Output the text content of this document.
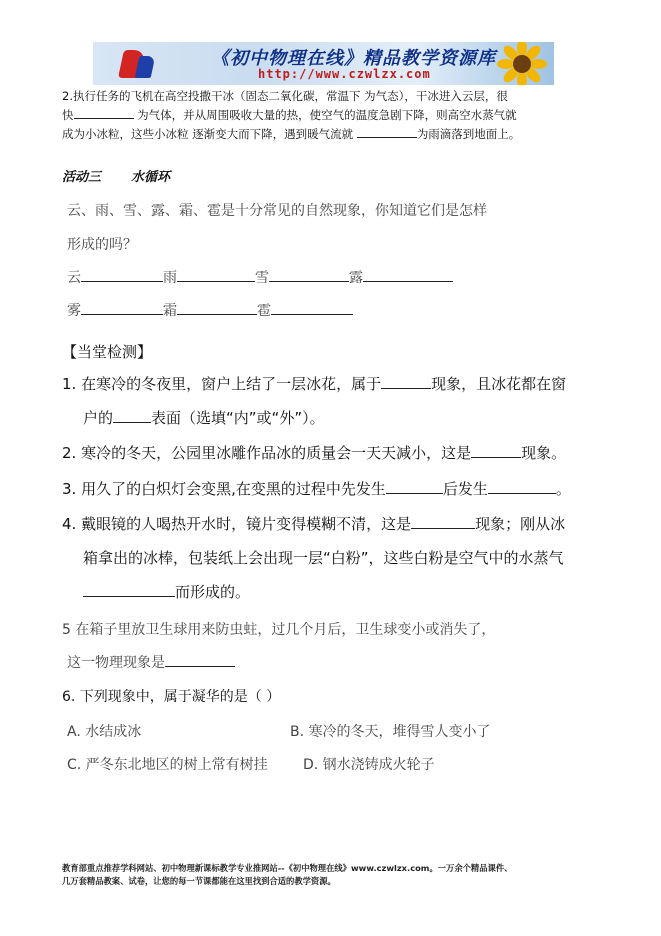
《初中物理在线》精品教学资源库
http://www.czwlzx.com
2.执行任务的飞机在高空投撒干冰（固态二氧化碳，常温下 为气态），干冰进入云层，很
快	为气体，并从周围吸收大量的热，使空气的温度急剧下降，则高空水蒸气就
成为小冰粒，这些小冰粒 逐渐变大而下降，遇到暖气流就	为雨滴落到地面上。
活动三 水循环
云、雨、雪、露、霜、雹是十分常见的自然现象，你知道它们是怎样
形成的吗？
云	雨	雪	露
雾	霜	雹
【当堂检测】
1. 在寒冷的冬夜里，窗户上结了一层冰花，属于	现象，且冰花都在窗
户的	表面（选填“内”或“外”）。
2. 寒冷的冬天，公园里冰雕作品冰的质量会一天天减小，这是	现象。
3. 用久了的白炽灯会变黑,在变黑的过程中先发生	后发生	。
4. 戴眼镜的人喝热开水时，镜片变得模糊不清，这是	现象；刚从冰
箱拿出的冰棒，包装纸上会出现一层“白粉”，这些白粉是空气中的水蒸气
而形成的。
5 在箱子里放卫生球用来防虫蛀，过几个月后，卫生球变小或消失了，
这一物理现象是
6. 下列现象中，属于凝华的是（ ）
A. 水结成冰	B. 寒冷的冬天，堆得雪人变小了
C. 严冬东北地区的树上常有树挂	D. 钢水浇铸成火轮子
教育部重点推荐学科网站、初中物理新课标教学专业推网站--《初中物理在线》www.czwlzx.com。一万余个精品课件、
几万套精品教案、试卷，让您的每一节课都能在这里找到合适的教学资源。
